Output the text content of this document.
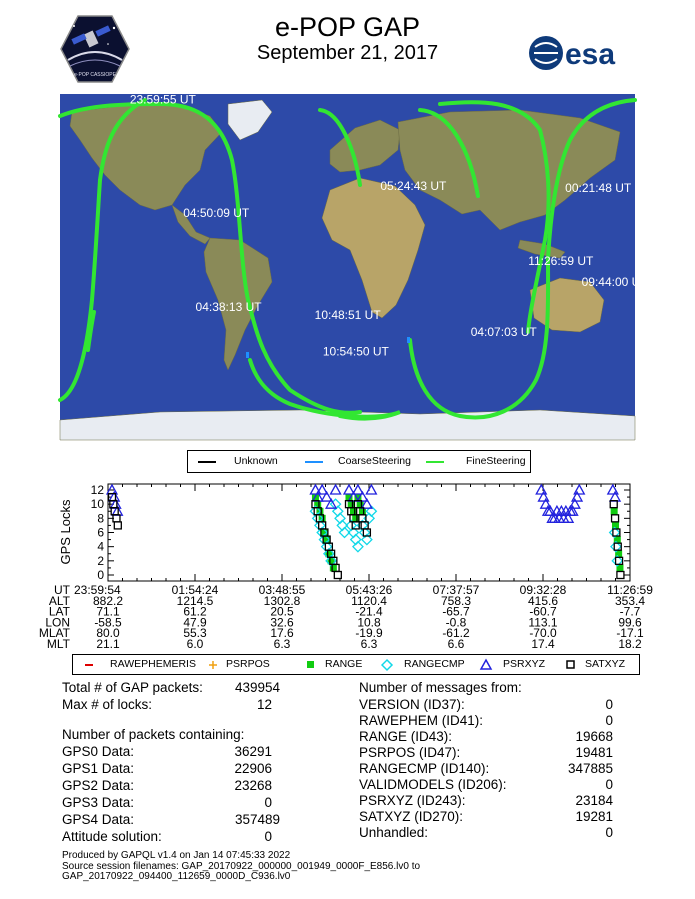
e-POP GAP
September 21, 2017
e·POP CASSIOPE
esa
23:59:55 UT
05:24:43 UT	00:21:48 UT
04:50:09 UT
11:26:59 UT
09:44:00 UT
04:38:13 UT
10:48:51 UT
04:07:03 UT
10:54:50 UT
0
2
4
6
8
10
12
GPS Locks
UT 23:59:54	01:54:24	03:48:55	05:43:26	07:37:57	09:32:28	11:26:59
ALT 882.2	1214.5	1302.8	1120.4	758.3	415.6	353.4
LAT 71.1	61.2	20.5	-21.4	-65.7	-60.7	-7.7
LON -58.5	47.9	32.6	10.8	-0.8	113.1	99.6
MLAT 80.0	55.3	17.6	-19.9	-61.2	-70.0	-17.1
MLT 21.1	6.0	6.3	6.3	6.6	17.4	18.2
Unknown	CoarseSteering	FineSteering
RAWEPHEMERIS	PSRPOS	RANGE	RANGECMP	PSRXYZ	SATXYZ
Total # of GAP packets:	439954
Max # of locks:	12
Number of packets containing:
GPS0 Data:	36291
GPS1 Data:	22906
GPS2 Data:	23268
GPS3 Data:	0
GPS4 Data:	357489
Attitude solution:	0
Number of messages from:
VERSION (ID37):	0
RAWEPHEM (ID41):	0
RANGE (ID43):	19668
PSRPOS (ID47):	19481
RANGECMP (ID140):	347885
VALIDMODELS (ID206):	0
PSRXYZ (ID243):	23184
SATXYZ (ID270):	19281
Unhandled:	0
Produced by GAPQL v1.4 on Jan 14 07:45:33 2022
Source session filenames: GAP_20170922_000000_001949_0000F_E856.lv0 to
GAP_20170922_094400_112659_0000D_C936.lv0
